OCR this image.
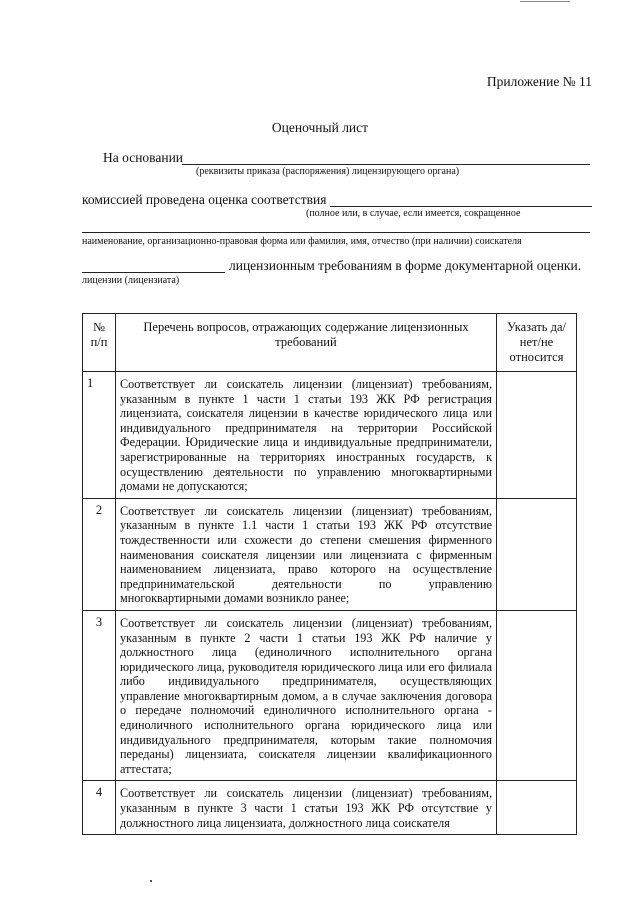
Приложение № 11
Оценочный лист
На основании
(реквизиты приказа (распоряжения) лицензирующего органа)
комиссией проведена оценка соответствия
(полное или, в случае, если имеется, сокращенное
наименование, организационно-правовая форма или фамилия, имя, отчество (при наличии) соискателя
лицензионным требованиям в форме документарной оценки.
лицензии (лицензиата)
№ п/п	Перечень вопросов, отражающих содержание лицензионных требований	Указать да/нет/не относится
1	Соответствует ли соискатель лицензии (лицензиат) требованиям, указанным в пункте 1 части 1 статьи 193 ЖК РФ регистрация лицензиата, соискателя лицензии в качестве юридического лица или индивидуального предпринимателя на территории Российской Федерации. Юридические лица и индивидуальные предприниматели, зарегистрированные на территориях иностранных государств, к осуществлению деятельности по управлению многоквартирными домами не допускаются;	
2	Соответствует ли соискатель лицензии (лицензиат) требованиям, указанным в пункте 1.1 части 1 статьи 193 ЖК РФ отсутствие тождественности или схожести до степени смешения фирменного наименования соискателя лицензии или лицензиата с фирменным наименованием лицензиата, право которого на осуществление предпринимательской деятельности по управлению многоквартирными домами возникло ранее;	
3	Соответствует ли соискатель лицензии (лицензиат) требованиям, указанным в пункте 2 части 1 статьи 193 ЖК РФ наличие у должностного лица (единоличного исполнительного органа юридического лица, руководителя юридического лица или его филиала либо индивидуального предпринимателя, осуществляющих управление многоквартирным домом, а в случае заключения договора о передаче полномочий единоличного исполнительного органа - единоличного исполнительного органа юридического лица или индивидуального предпринимателя, которым такие полномочия переданы) лицензиата, соискателя лицензии квалификационного аттестата;	
4	Соответствует ли соискатель лицензии (лицензиат) требованиям, указанным в пункте 3 части 1 статьи 193 ЖК РФ отсутствие у должностного лица лицензиата, должностного лица соискателя	
